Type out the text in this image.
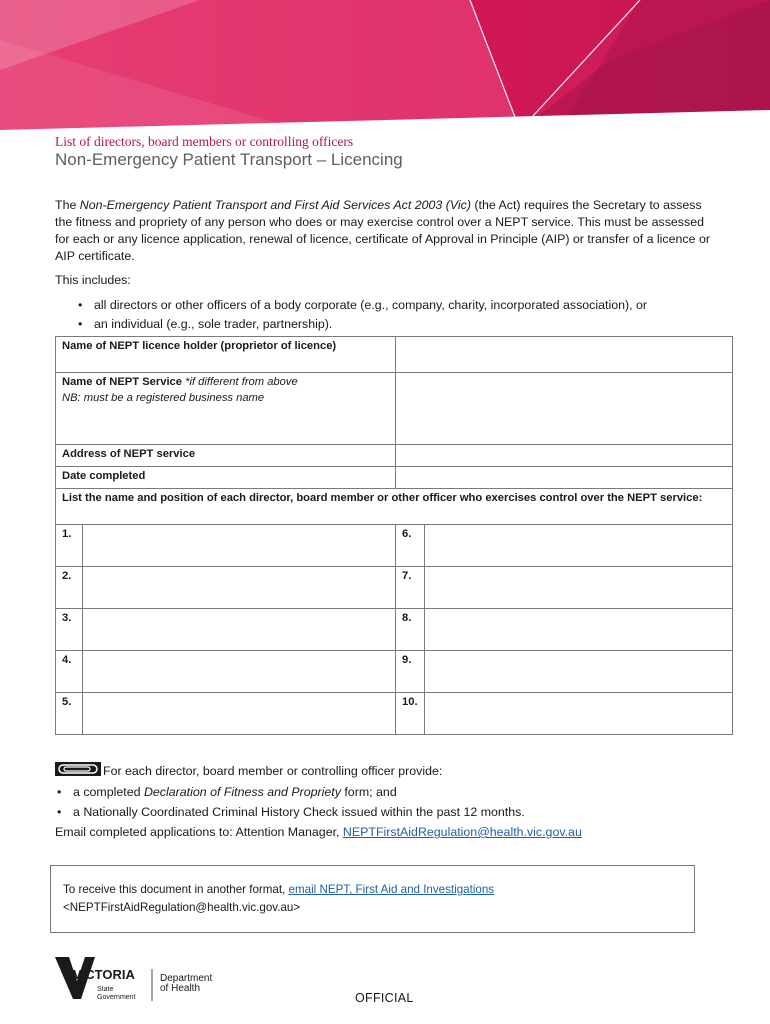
List of directors, board members or controlling officers
Non-Emergency Patient Transport – Licencing

The Non-Emergency Patient Transport and First Aid Services Act 2003 (Vic) (the Act) requires the Secretary to assess the fitness and propriety of any person who does or may exercise control over a NEPT service. This must be assessed for each or any licence application, renewal of licence, certificate of Approval in Principle (AIP) or transfer of a licence or AIP certificate.

This includes:

• all directors or other officers of a body corporate (e.g., company, charity, incorporated association), or
• an individual (e.g., sole trader, partnership).
Name of NEPT licence holder (proprietor of licence)			
Name of NEPT Service *if different from above
NB: must be a registered business name			

Address of NEPT service			
Date completed			
List the name and position of each director, board member or other officer who exercises control over the NEPT service:			
1.		6.	
2.		7.	
3.		8.	
4.		9.	
5.		10.	
For each director, board member or controlling officer provide:
• a completed Declaration of Fitness and Propriety form; and
• a Nationally Coordinated Criminal History Check issued within the past 12 months.
Email completed applications to: Attention Manager, NEPTFirstAidRegulation@health.vic.gov.au
To receive this document in another format, email NEPT, First Aid and Investigations
<NEPTFirstAidRegulation@health.vic.gov.au>
VICTORIA
State
Government
Department
of Health
OFFICIAL
